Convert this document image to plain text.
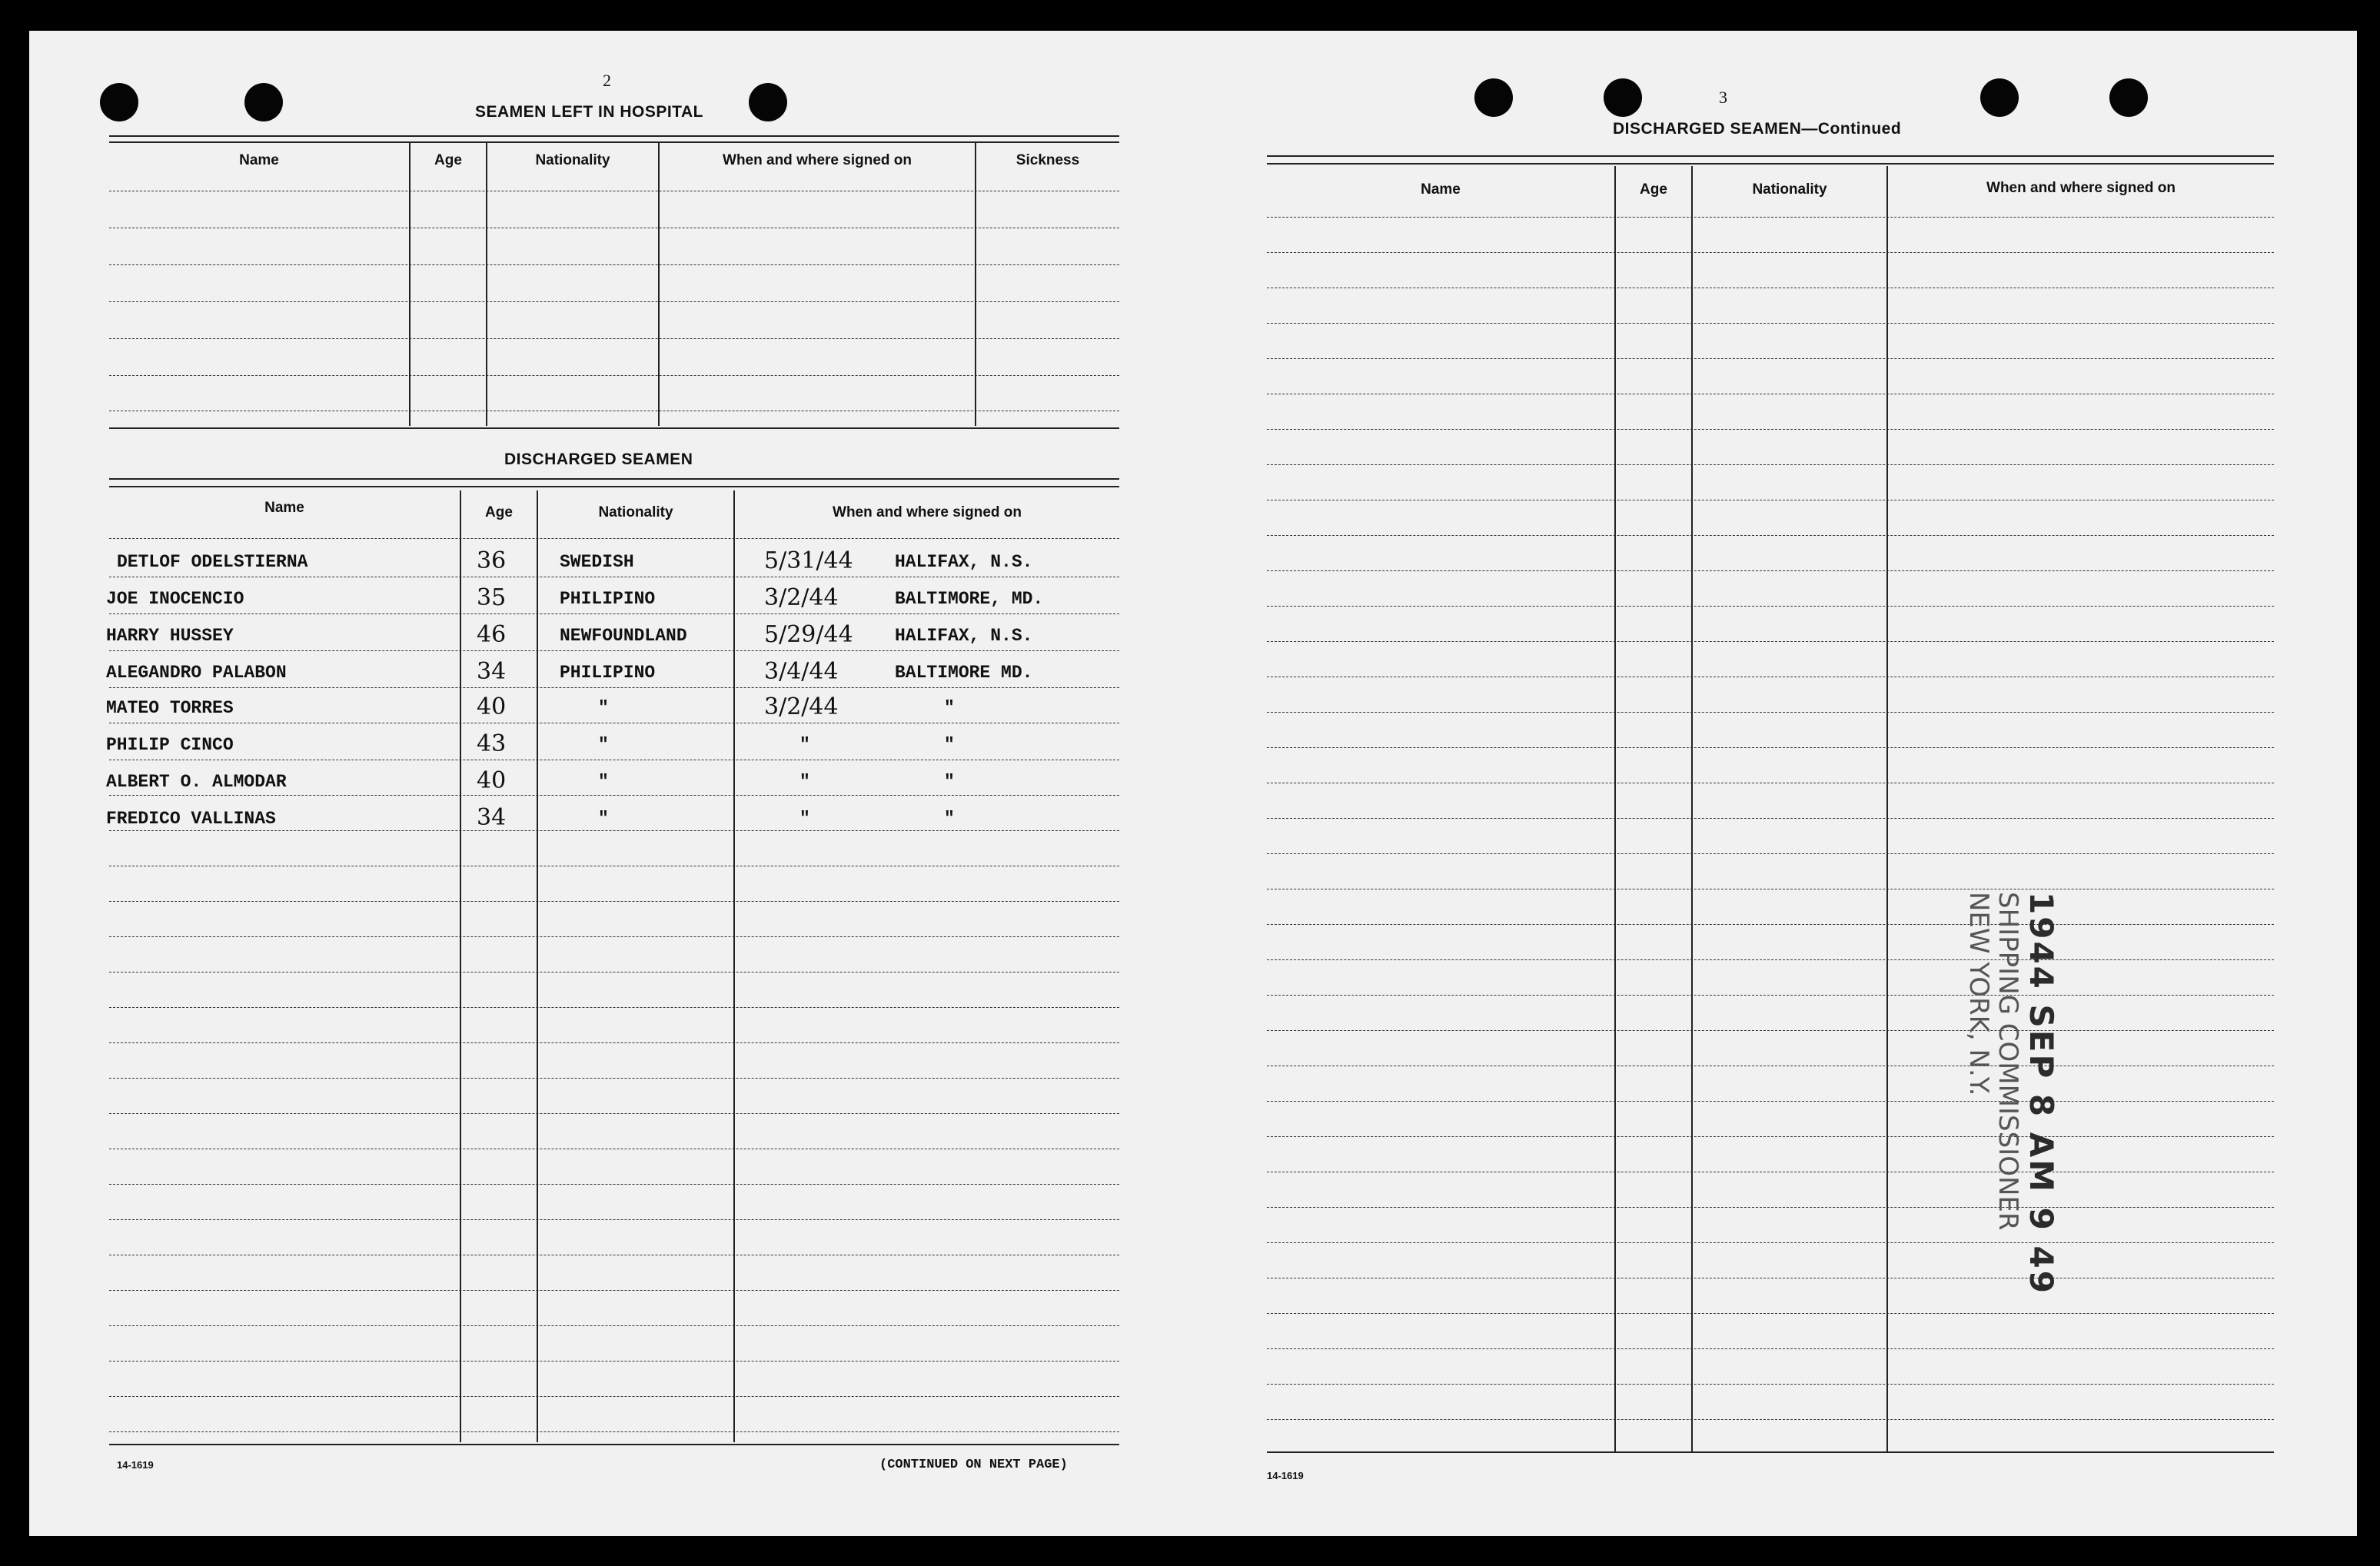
2
SEAMEN LEFT IN HOSPITAL
Name	Age	Nationality	When and where signed on	Sickness
DISCHARGED SEAMEN
Name	Age	Nationality	When and where signed on
DETLOF ODELSTIERNA	36	SWEDISH	5/31/44 HALIFAX, N.S.
JOE INOCENCIO	35	PHILIPINO	3/2/44	BALTIMORE, MD.
HARRY HUSSEY	46	NEWFOUNDLAND	5/29/44 HALIFAX, N.S.
ALEGANDRO PALABON	34	PHILIPINO	3/4/44	BALTIMORE MD.
MATEO TORRES	40	"	3/2/44	"
PHILIP CINCO	43	"	"	"
ALBERT O. ALMODAR	40	"	"	"
FREDICO VALLINAS	34	"	"	"
14-1619	(CONTINUED ON NEXT PAGE)
3
DISCHARGED SEAMEN—Continued
Name	Age	Nationality	When and where signed on
14-1619
1944 SEP 8 AM 9 49
SHIPPING COMMISSIONER
NEW YORK, N.Y.
